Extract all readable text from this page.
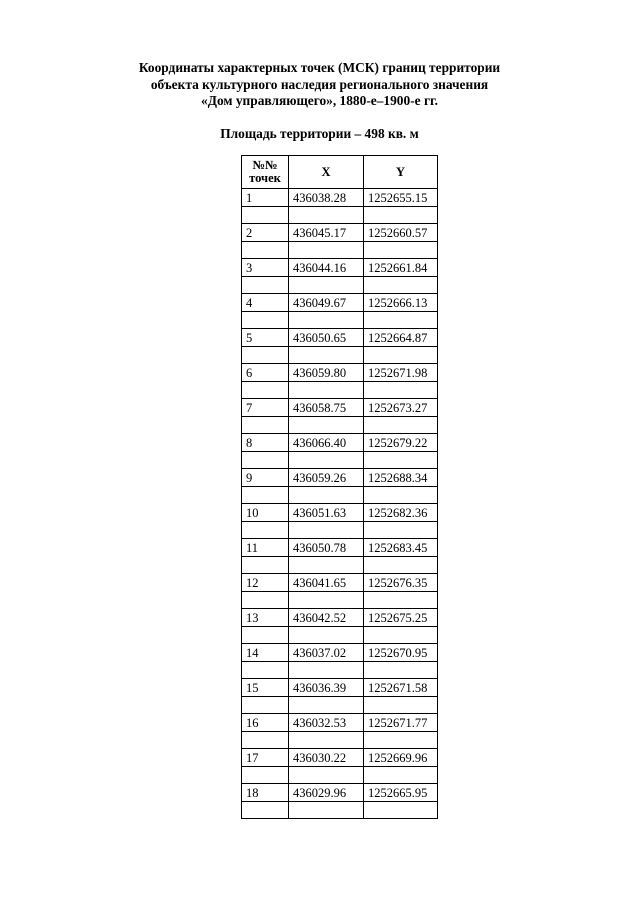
Координаты характерных точек (МСК) границ территории
объекта культурного наследия регионального значения
«Дом управляющего», 1880-е–1900-е гг.
Площадь территории – 498 кв. м
№№
точек	X	Y
1	436038.28	1252655.15

2	436045.17	1252660.57

3	436044.16	1252661.84

4	436049.67	1252666.13

5	436050.65	1252664.87

6	436059.80	1252671.98

7	436058.75	1252673.27

8	436066.40	1252679.22

9	436059.26	1252688.34

10	436051.63	1252682.36

11	436050.78	1252683.45

12	436041.65	1252676.35

13	436042.52	1252675.25

14	436037.02	1252670.95

15	436036.39	1252671.58

16	436032.53	1252671.77

17	436030.22	1252669.96

18	436029.96	1252665.95
